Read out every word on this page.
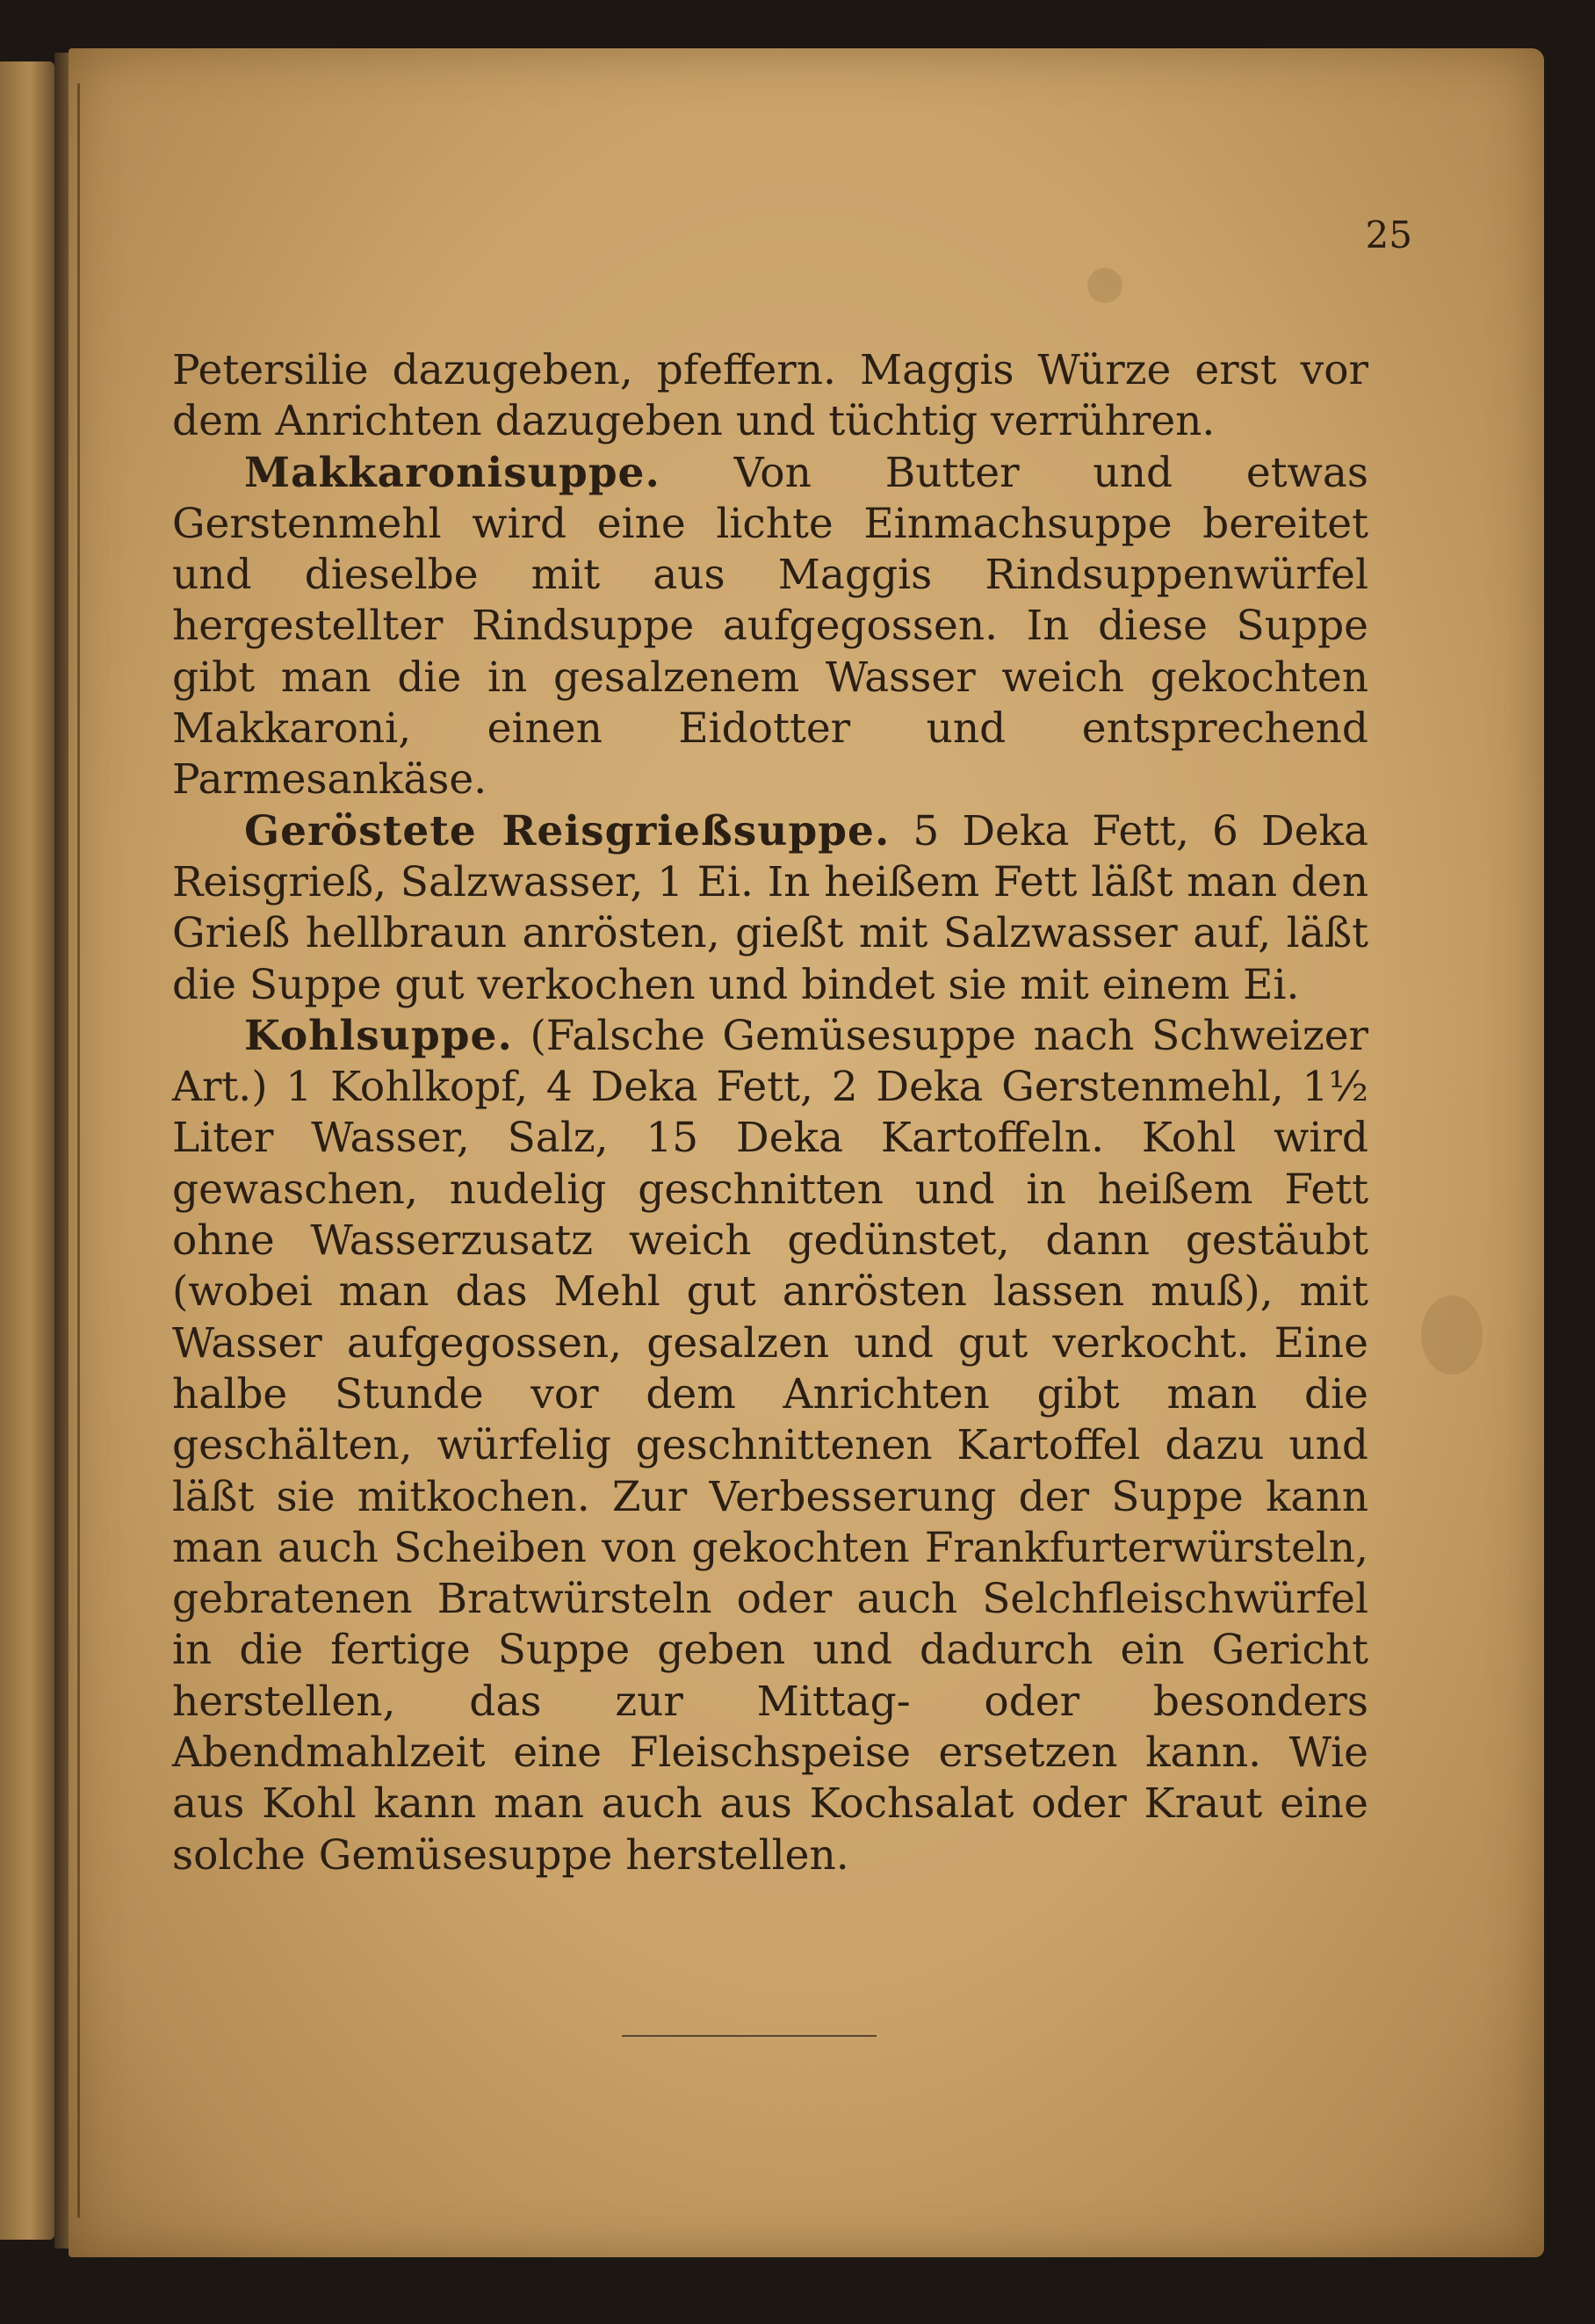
25

Petersilie dazugeben, pfeffern. Maggis Würze erst vor dem Anrichten dazugeben und tüchtig verrühren.

Makkaronisuppe. Von Butter und etwas Gerstenmehl wird eine lichte Einmachsuppe bereitet und dieselbe mit aus Maggis Rindsuppenwürfel hergestellter Rindsuppe aufgegossen. In diese Suppe gibt man die in gesalzenem Wasser weich gekochten Makkaroni, einen Eidotter und entsprechend Parmesankäse.

Geröstete Reisgrießsuppe. 5 Deka Fett, 6 Deka Reisgrieß, Salzwasser, 1 Ei. In heißem Fett läßt man den Grieß hellbraun anrösten, gießt mit Salzwasser auf, läßt die Suppe gut verkochen und bindet sie mit einem Ei.

Kohlsuppe. (Falsche Gemüsesuppe nach Schweizer Art.) 1 Kohlkopf, 4 Deka Fett, 2 Deka Gerstenmehl, 1½ Liter Wasser, Salz, 15 Deka Kartoffeln. Kohl wird gewaschen, nudelig geschnitten und in heißem Fett ohne Wasserzusatz weich gedünstet, dann gestäubt (wobei man das Mehl gut anrösten lassen muß), mit Wasser aufgegossen, gesalzen und gut verkocht. Eine halbe Stunde vor dem Anrichten gibt man die geschälten, würfelig geschnittenen Kartoffel dazu und läßt sie mitkochen. Zur Verbesserung der Suppe kann man auch Scheiben von gekochten Frankfurterwürsteln, gebratenen Bratwürsteln oder auch Selchfleischwürfel in die fertige Suppe geben und dadurch ein Gericht herstellen, das zur Mittag- oder besonders Abendmahlzeit eine Fleischspeise ersetzen kann. Wie aus Kohl kann man auch aus Kochsalat oder Kraut eine solche Gemüsesuppe herstellen.
